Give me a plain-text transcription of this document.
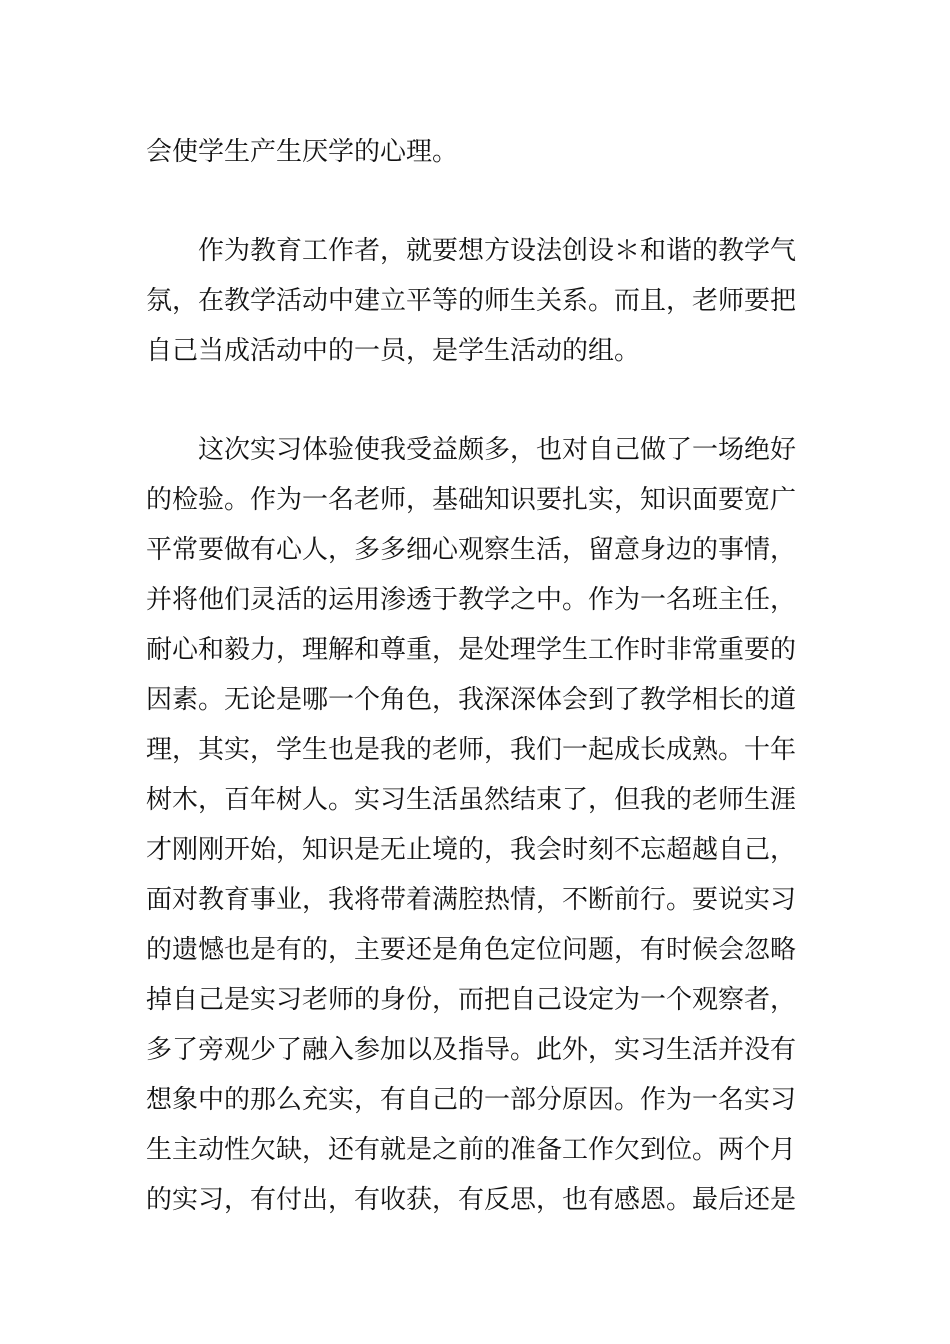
会使学生产生厌学的心理。
作为教育工作者，就要想方设法创设＊和谐的教学气
氛，在教学活动中建立平等的师生关系。而且，老师要把
自己当成活动中的一员，是学生活动的组。
这次实习体验使我受益颇多，也对自己做了一场绝好
的检验。作为一名老师，基础知识要扎实，知识面要宽广
平常要做有心人，多多细心观察生活，留意身边的事情，
并将他们灵活的运用渗透于教学之中。作为一名班主任，
耐心和毅力，理解和尊重，是处理学生工作时非常重要的
因素。无论是哪一个角色，我深深体会到了教学相长的道
理，其实，学生也是我的老师，我们一起成长成熟。十年
树木，百年树人。实习生活虽然结束了，但我的老师生涯
才刚刚开始，知识是无止境的，我会时刻不忘超越自己，
面对教育事业，我将带着满腔热情，不断前行。要说实习
的遗憾也是有的，主要还是角色定位问题，有时候会忽略
掉自己是实习老师的身份，而把自己设定为一个观察者，
多了旁观少了融入参加以及指导。此外，实习生活并没有
想象中的那么充实，有自己的一部分原因。作为一名实习
生主动性欠缺，还有就是之前的准备工作欠到位。两个月
的实习，有付出，有收获，有反思，也有感恩。最后还是
